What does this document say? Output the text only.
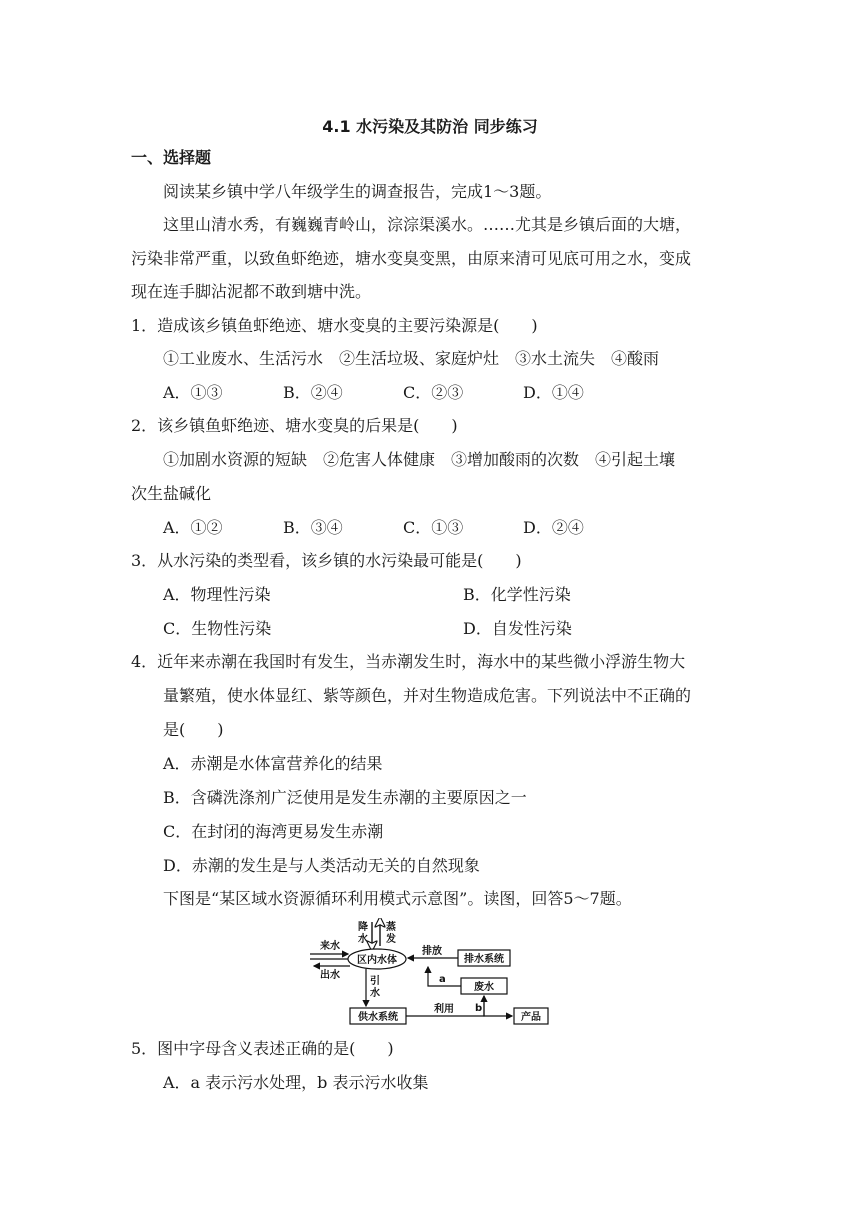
4.1 水污染及其防治 同步练习
一、选择题
阅读某乡镇中学八年级学生的调查报告，完成1～3题。
这里山清水秀，有巍巍青岭山，淙淙渠溪水。……尤其是乡镇后面的大塘，
污染非常严重，以致鱼虾绝迹，塘水变臭变黑，由原来清可见底可用之水，变成
现在连手脚沾泥都不敢到塘中洗。
1．造成该乡镇鱼虾绝迹、塘水变臭的主要污染源是(　　)
①工业废水、生活污水　②生活垃圾、家庭炉灶　③水土流失　④酸雨
A．①③	B．②④	C．②③	D．①④
2．该乡镇鱼虾绝迹、塘水变臭的后果是(　　)
①加剧水资源的短缺　②危害人体健康　③增加酸雨的次数　④引起土壤
次生盐碱化
A．①②	B．③④	C．①③	D．②④
3．从水污染的类型看，该乡镇的水污染最可能是(　　)
A．物理性污染	B．化学性污染
C．生物性污染	D．自发性污染
4．近年来赤潮在我国时有发生，当赤潮发生时，海水中的某些微小浮游生物大
量繁殖，使水体显红、紫等颜色，并对生物造成危害。下列说法中不正确的
是(　　)
A．赤潮是水体富营养化的结果
B．含磷洗涤剂广泛使用是发生赤潮的主要原因之一
C．在封闭的海湾更易发生赤潮
D．赤潮的发生是与人类活动无关的自然现象
下图是“某区域水资源循环利用模式示意图”。读图，回答5～7题。
来水
出水
降
水
蒸
发
区内水体	排水系统
排放
废水
a
引
水
供水系统
利用 b
产品
5．图中字母含义表述正确的是(　　)
A．a 表示污水处理，b 表示污水收集
